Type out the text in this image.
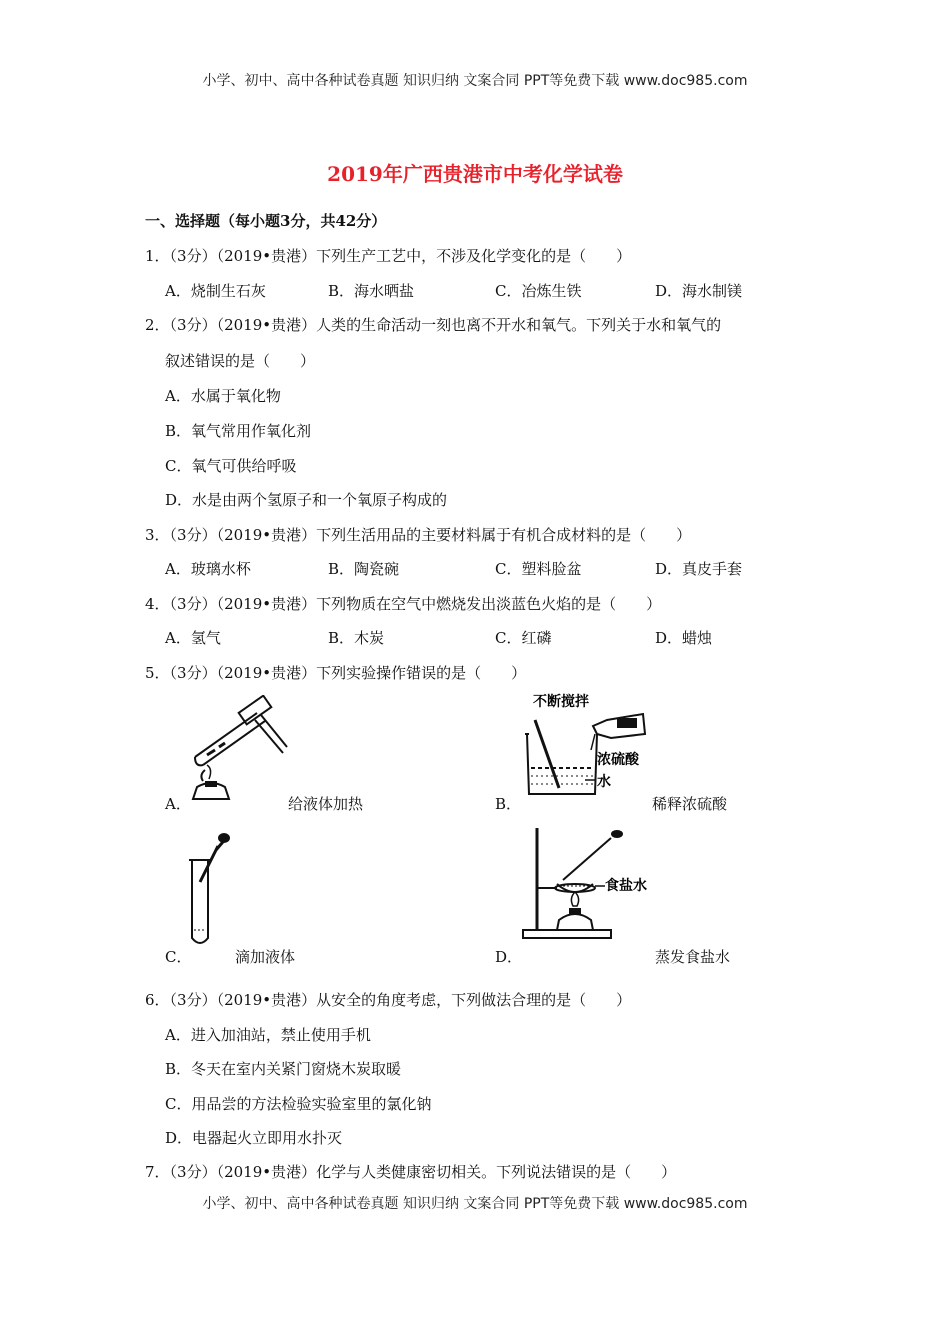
小学、初中、高中各种试卷真题 知识归纳 文案合同 PPT等免费下载 www.doc985.com
2019年广西贵港市中考化学试卷
一、选择题（每小题3分，共42分）
1．（3分）（2019•贵港）下列生产工艺中，不涉及化学变化的是（　　）
A．烧制生石灰	B．海水晒盐	C．冶炼生铁	D．海水制镁
2．（3分）（2019•贵港）人类的生命活动一刻也离不开水和氧气。下列关于水和氧气的
叙述错误的是（　　）
A．水属于氧化物
B．氧气常用作氧化剂
C．氧气可供给呼吸
D．水是由两个氢原子和一个氧原子构成的
3．（3分）（2019•贵港）下列生活用品的主要材料属于有机合成材料的是（　　）
A．玻璃水杯	B．陶瓷碗	C．塑料脸盆	D．真皮手套
4．（3分）（2019•贵港）下列物质在空气中燃烧发出淡蓝色火焰的是（　　）
A．氢气	B．木炭	C．红磷	D．蜡烛
5．（3分）（2019•贵港）下列实验操作错误的是（　　）
A．	给液体加热
不断搅拌
浓硫酸
水
B．	稀释浓硫酸
C．	滴加液体
食盐水
D．	蒸发食盐水
6．（3分）（2019•贵港）从安全的角度考虑，下列做法合理的是（　　）
A．进入加油站，禁止使用手机
B．冬天在室内关紧门窗烧木炭取暖
C．用品尝的方法检验实验室里的氯化钠
D．电器起火立即用水扑灭
7．（3分）（2019•贵港）化学与人类健康密切相关。下列说法错误的是（　　）
小学、初中、高中各种试卷真题 知识归纳 文案合同 PPT等免费下载 www.doc985.com
